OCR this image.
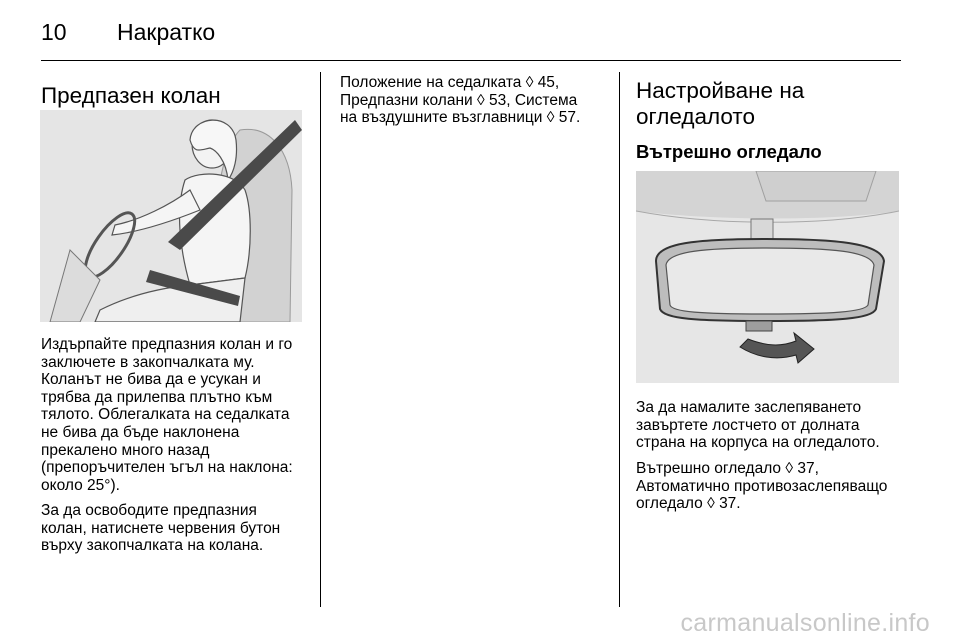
10 Накратко
Предпазен колан

Издърпайте предпазния колан и го
заключете в закопчалката му.
Коланът не бива да е усукан и
трябва да прилепва плътно към
тялото. Облегалката на седалката
не бива да бъде наклонена
прекалено много назад
(препоръчителен ъгъл на наклона:
около 25°).

За да освободите предпазния
колан, натиснете червения бутон
върху закопчалката на колана.

Положение на седалката ◊ 45,
Предпазни колани ◊ 53, Система
на въздушните възглавници ◊ 57.
Настройване на
огледалото
Вътрешно огледало

За да намалите заслепяването
завъртете лостчето от долната
страна на корпуса на огледалото.

Вътрешно огледало ◊ 37,
Автоматично противозаслепяващо
огледало ◊ 37.
carmanualsonline.info
